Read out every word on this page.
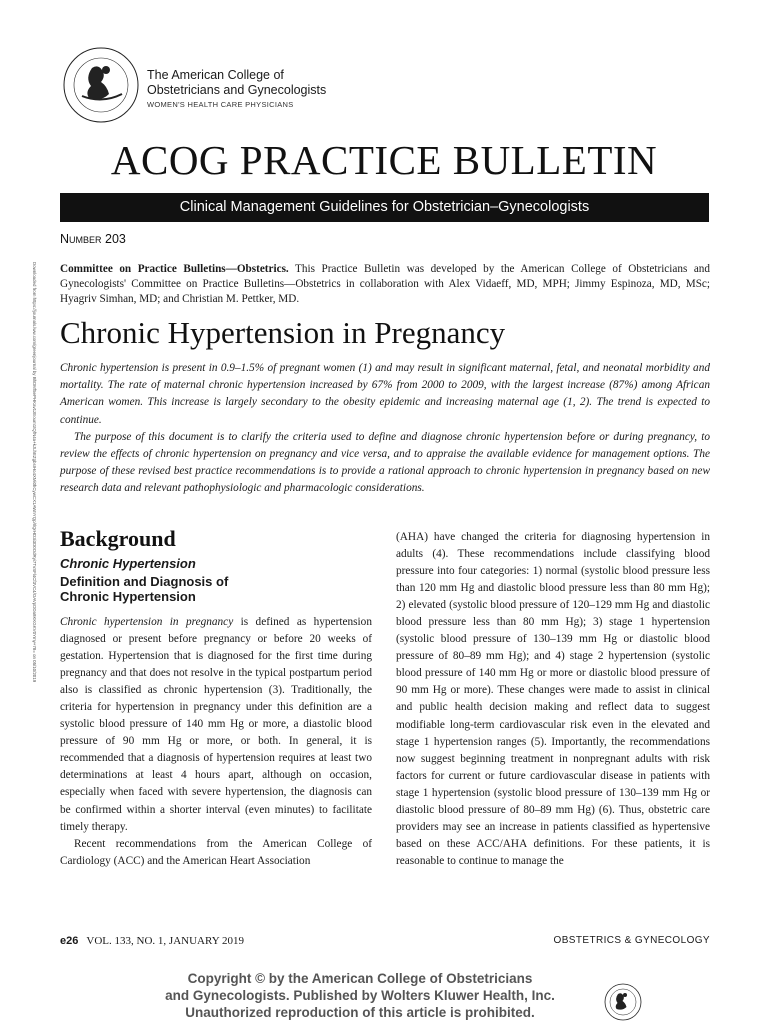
The American College of
Obstetricians and Gynecologists
WOMEN'S HEALTH CARE PHYSICIANS
ACOG PRACTICE BULLETIN
Clinical Management Guidelines for Obstetrician–Gynecologists
Number 203
Downloaded from https://journals.lww.com/greenjournal by BhDMf5ePHKav1zEoum1tQfN4a+kJLhEZgbsIHo4XMi0hCywCX1AWnYQp/IlQrHD3i3D0OdRyi7TvSFl4Cf3VC4/OAVpDDa8KKGKV0Ymy+78= on 05/10/2019 Committee on Practice Bulletins—Obstetrics. This Practice Bulletin was developed by the American College of Obstetricians and Gynecologists' Committee on Practice Bulletins—Obstetrics in collaboration with Alex Vidaeff, MD, MPH; Jimmy Espinoza, MD, MSc; Hyagriv Simhan, MD; and Christian M. Pettker, MD.
Chronic Hypertension in Pregnancy

Chronic hypertension is present in 0.9–1.5% of pregnant women (1) and may result in significant maternal, fetal, and neonatal morbidity and mortality. The rate of maternal chronic hypertension increased by 67% from 2000 to 2009, with the largest increase (87%) among African American women. This increase is largely secondary to the obesity epidemic and increasing maternal age (1, 2). The trend is expected to continue.

The purpose of this document is to clarify the criteria used to define and diagnose chronic hypertension before or during pregnancy, to review the effects of chronic hypertension on pregnancy and vice versa, and to appraise the available evidence for management options. The purpose of these revised best practice recommendations is to provide a rational approach to chronic hypertension in pregnancy based on new research data and relevant pathophysiologic and pharmacologic considerations.

Background
Chronic Hypertension
Definition and Diagnosis of
Chronic Hypertension

Chronic hypertension in pregnancy is defined as hypertension diagnosed or present before pregnancy or before 20 weeks of gestation. Hypertension that is diagnosed for the first time during pregnancy and that does not resolve in the typical postpartum period also is classified as chronic hypertension (3). Traditionally, the criteria for hypertension in pregnancy under this definition are a systolic blood pressure of 140 mm Hg or more, a diastolic blood pressure of 90 mm Hg or more, or both. In general, it is recommended that a diagnosis of hypertension requires at least two determinations at least 4 hours apart, although on occasion, especially when faced with severe hypertension, the diagnosis can be confirmed within a shorter interval (even minutes) to facilitate timely therapy.

Recent recommendations from the American College of Cardiology (ACC) and the American Heart Association

(AHA) have changed the criteria for diagnosing hypertension in adults (4). These recommendations include classifying blood pressure into four categories: 1) normal (systolic blood pressure less than 120 mm Hg and diastolic blood pressure less than 80 mm Hg); 2) elevated (systolic blood pressure of 120–129 mm Hg and diastolic blood pressure less than 80 mm Hg); 3) stage 1 hypertension (systolic blood pressure of 130–139 mm Hg or diastolic blood pressure of 80–89 mm Hg); and 4) stage 2 hypertension (systolic blood pressure of 140 mm Hg or more or diastolic blood pressure of 90 mm Hg or more). These changes were made to assist in clinical and public health decision making and reflect data to suggest modifiable long-term cardiovascular risk even in the elevated and stage 1 hypertension ranges (5). Importantly, the recommendations now suggest beginning treatment in nonpregnant adults with risk factors for current or future cardiovascular disease in patients with stage 1 hypertension (systolic blood pressure of 130–139 mm Hg or diastolic blood pressure of 80–89 mm Hg) (6). Thus, obstetric care providers may see an increase in patients classified as hypertensive based on these ACC/AHA definitions. For these patients, it is reasonable to continue to manage the

e26 VOL. 133, NO. 1, JANUARY 2019	OBSTETRICS & GYNECOLOGY
Copyright © by the American College of Obstetricians
and Gynecologists. Published by Wolters Kluwer Health, Inc.
Unauthorized reproduction of this article is prohibited.
